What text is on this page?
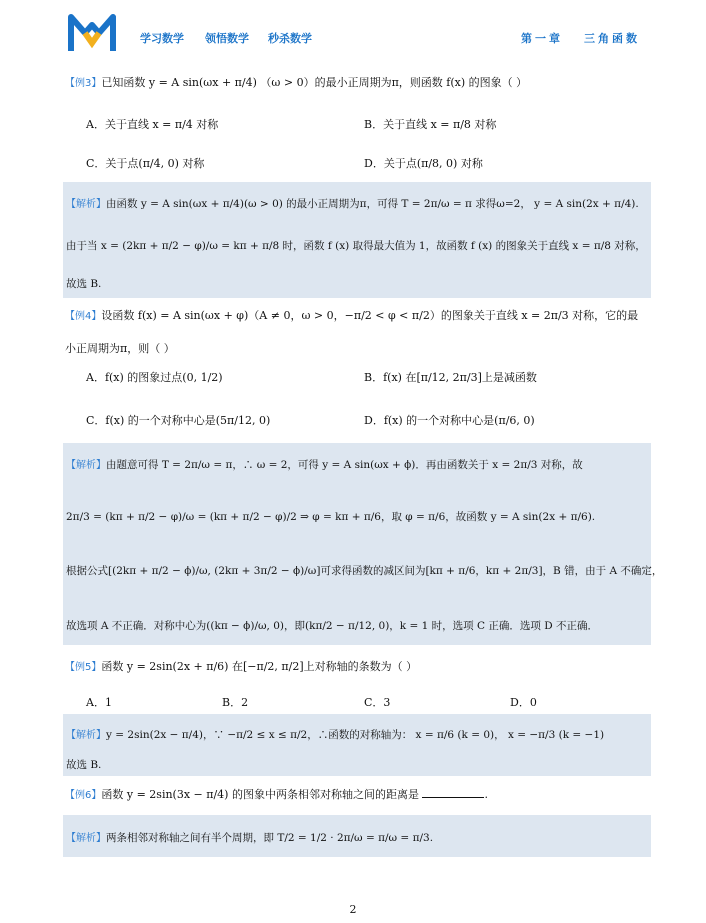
学习数学 领悟数学 秒杀数学	第一章 三角函数
【例3】已知函数 y = A sin(ωx + π/4) （ω > 0）的最小正周期为π，则函数 f(x) 的图象（ ）
A．关于直线 x = π/4 对称	B．关于直线 x = π/8 对称
C．关于点(π/4, 0) 对称	D．关于点(π/8, 0) 对称
【解析】由函数 y = A sin(ωx + π/4)(ω > 0) 的最小正周期为π，可得 T = 2π/ω = π 求得ω=2， y = A sin(2x + π/4).
由于当 x = (2kπ + π/2 − φ)/ω = kπ + π/8 时，函数 f (x) 取得最大值为 1，故函数 f (x) 的图象关于直线 x = π/8 对称，
故选 B.
【例4】设函数 f(x) = A sin(ωx + φ)（A ≠ 0，ω > 0，−π/2 < φ < π/2）的图象关于直线 x = 2π/3 对称，它的最
小正周期为π，则（ ）
A．f(x) 的图象过点(0, 1/2)	B．f(x) 在[π/12, 2π/3]上是减函数
C．f(x) 的一个对称中心是(5π/12, 0)	D．f(x) 的一个对称中心是(π/6, 0)
【解析】由题意可得 T = 2π/ω = π，∴ ω = 2，可得 y = A sin(ωx + ϕ)．再由函数关于 x = 2π/3 对称，故
2π/3 = (kπ + π/2 − φ)/ω = (kπ + π/2 − φ)/2 ⇒ φ = kπ + π/6，取 φ = π/6，故函数 y = A sin(2x + π/6).
根据公式[(2kπ + π/2 − ϕ)/ω, (2kπ + 3π/2 − ϕ)/ω]可求得函数的减区间为[kπ + π/6，kπ + 2π/3]，B 错，由于 A 不确定，
故选项 A 不正确．对称中心为((kπ − ϕ)/ω, 0)，即(kπ/2 − π/12, 0)，k = 1 时，选项 C 正确．选项 D 不正确．
【例5】函数 y = 2sin(2x + π/6) 在[−π/2, π/2]上对称轴的条数为（ ）
A．1	B．2	C．3	D．0
【解析】y = 2sin(2x − π/4)，∵ −π/2 ≤ x ≤ π/2，∴函数的对称轴为： x = π/6 (k = 0)， x = −π/3 (k = −1)
故选 B.
【例6】函数 y = 2sin(3x − π/4) 的图象中两条相邻对称轴之间的距离是	.
【解析】两条相邻对称轴之间有半个周期，即 T/2 = 1/2 · 2π/ω = π/ω = π/3.
2
